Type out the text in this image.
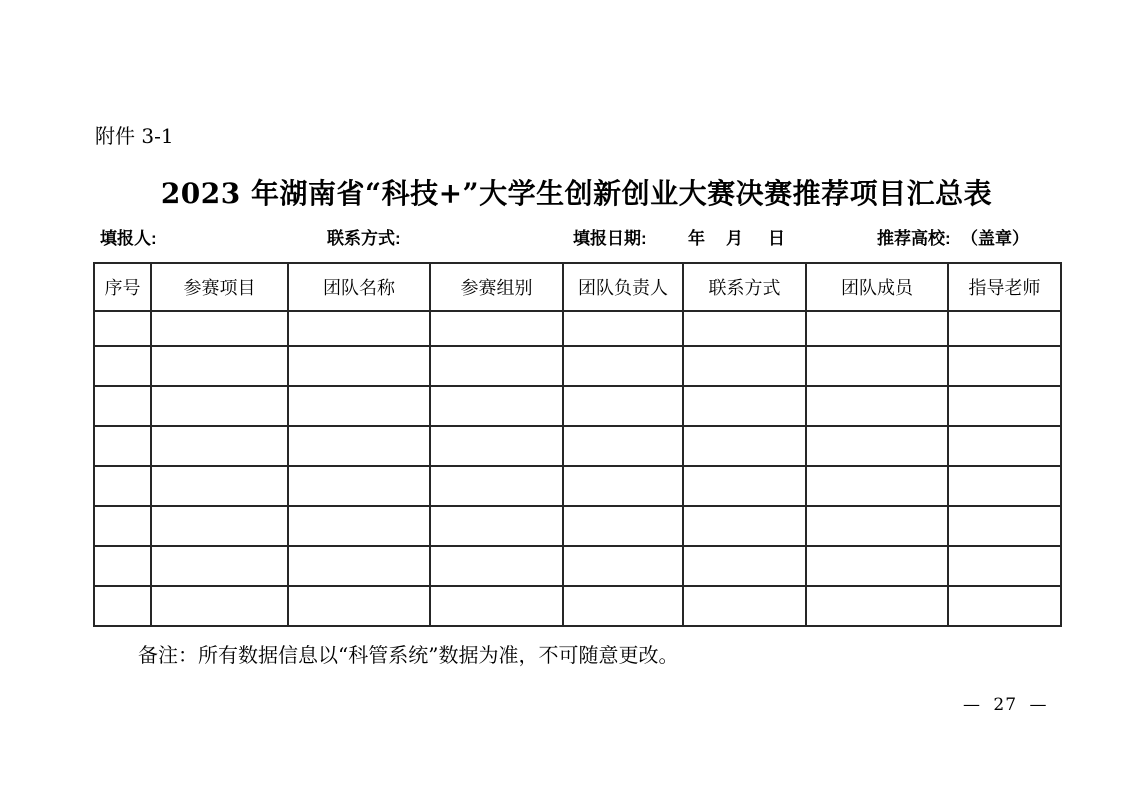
附件 3-1
2023 年湖南省“科技+”大学生创新创业大赛决赛推荐项目汇总表
填报人:	联系方式:	填报日期: 年 月 日	推荐高校: （盖章）
序号	参赛项目	团队名称	参赛组别	团队负责人	联系方式	团队成员	指导老师

备注：所有数据信息以“科管系统”数据为准，不可随意更改。
— 27 —
